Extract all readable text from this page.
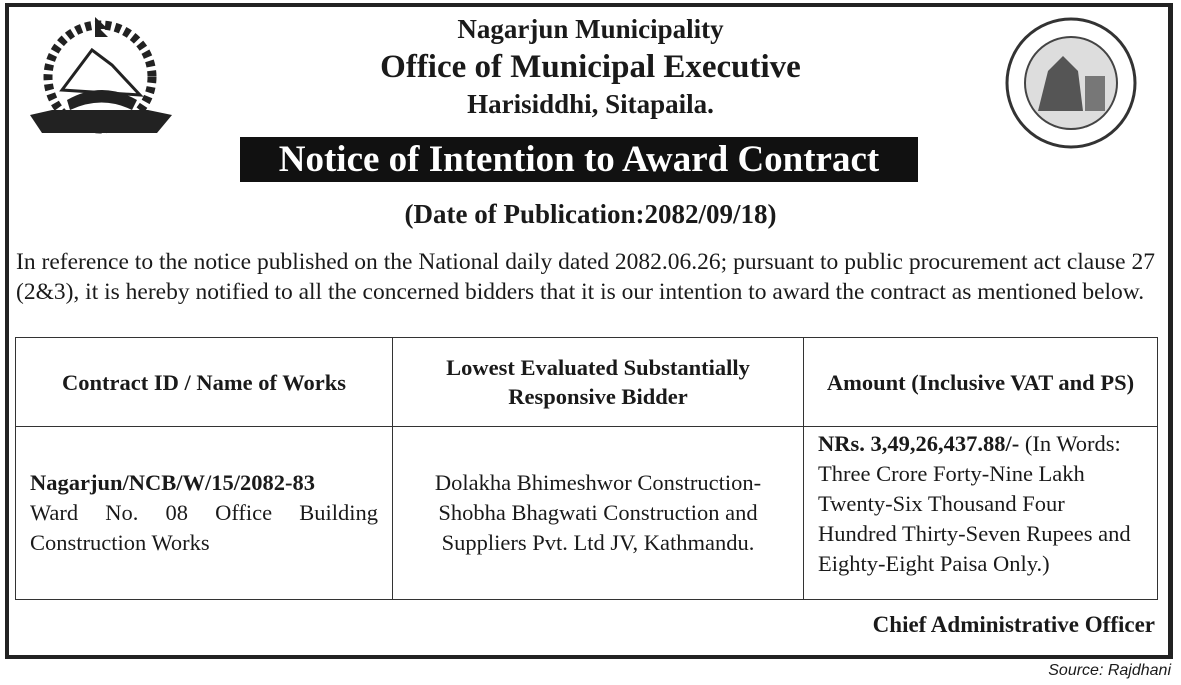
Nagarjun Municipality
Office of Municipal Executive
Harisiddhi, Sitapaila.
Notice of Intention to Award Contract
(Date of Publication:2082/09/18)
In reference to the notice published on the National daily dated 2082.06.26; pursuant to public procurement act clause 27 (2&3), it is hereby notified to all the concerned bidders that it is our intention to award the contract as mentioned below.
Contract ID / Name of Works	Lowest Evaluated Substantially Responsive Bidder	Amount (Inclusive VAT and PS)
Nagarjun/NCB/W/15/2082-83
Ward No. 08 Office Building Construction Works	Dolakha Bhimeshwor Construction-Shobha Bhagwati Construction and Suppliers Pvt. Ltd JV, Kathmandu.	NRs. 3,49,26,437.88/- (In Words: Three Crore Forty-Nine Lakh Twenty-Six Thousand Four Hundred Thirty-Seven Rupees and Eighty-Eight Paisa Only.)
Chief Administrative Officer
Source: Rajdhani
